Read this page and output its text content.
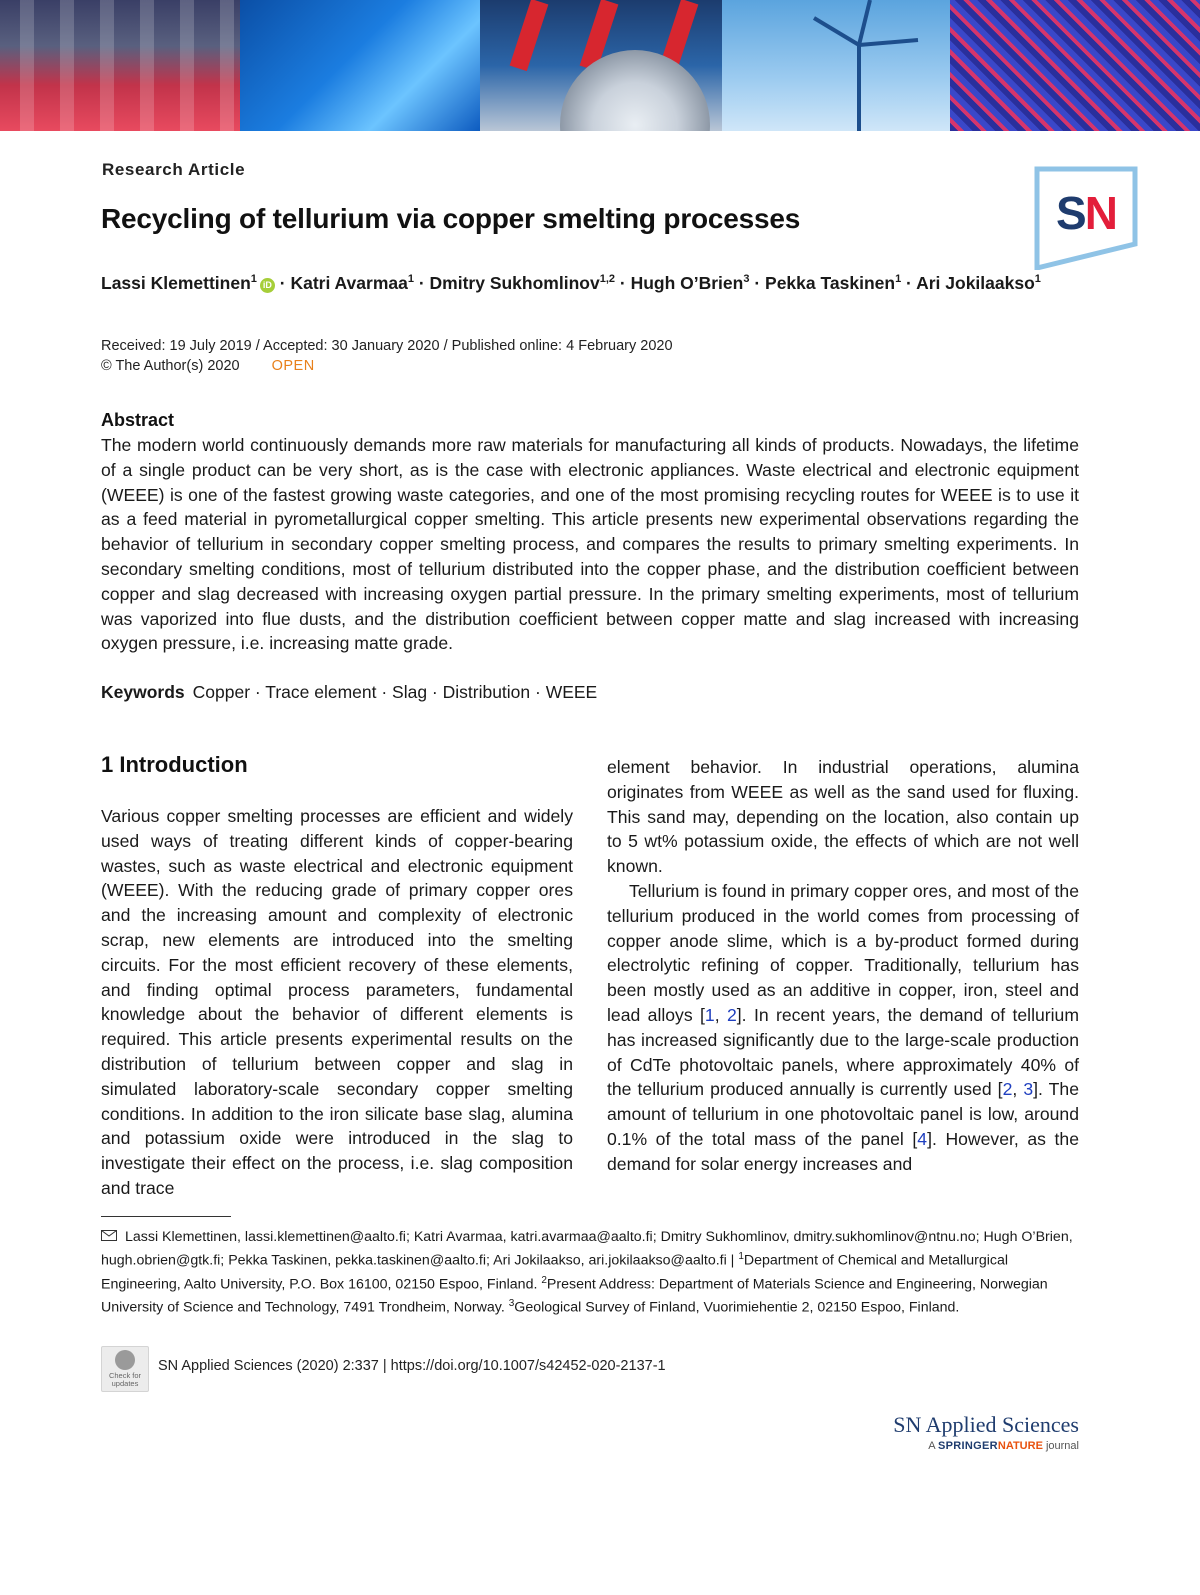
Research Article
SN
Recycling of tellurium via copper smelting processes
Lassi Klemettinen$^1$ iD · Katri Avarmaa$^1$ · Dmitry Sukhomlinov$^{1,2}$ · Hugh O’Brien$^3$ · Pekka Taskinen$^1$ · Ari Jokilaakso$^1$
Received: 19 July 2019 / Accepted: 30 January 2020 / Published online: 4 February 2020
© The Author(s) 2020 OPEN
Abstract
The modern world continuously demands more raw materials for manufacturing all kinds of products. Nowadays, the lifetime of a single product can be very short, as is the case with electronic appliances. Waste electrical and electronic equipment (WEEE) is one of the fastest growing waste categories, and one of the most promising recycling routes for WEEE is to use it as a feed material in pyrometallurgical copper smelting. This article presents new experimental observations regarding the behavior of tellurium in secondary copper smelting process, and compares the results to primary smelting experiments. In secondary smelting conditions, most of tellurium distributed into the copper phase, and the distribution coefficient between copper and slag decreased with increasing oxygen partial pressure. In the primary smelting experiments, most of tellurium was vaporized into flue dusts, and the distribution coefficient between copper matte and slag increased with increasing oxygen pressure, i.e. increasing matte grade.
Keywords Copper · Trace element · Slag · Distribution · WEEE
1 Introduction
Various copper smelting processes are efficient and widely used ways of treating different kinds of copper-bearing wastes, such as waste electrical and electronic equipment (WEEE). With the reducing grade of primary copper ores and the increasing amount and complexity of electronic scrap, new elements are introduced into the smelting circuits. For the most efficient recovery of these elements, and finding optimal process parameters, fundamental knowledge about the behavior of different elements is required. This article presents experimental results on the distribution of tellurium between copper and slag in simulated laboratory-scale secondary copper smelting conditions. In addition to the iron silicate base slag, alumina and potassium oxide were introduced in the slag to investigate their effect on the process, i.e. slag composition and trace

element behavior. In industrial operations, alumina originates from WEEE as well as the sand used for fluxing. This sand may, depending on the location, also contain up to 5 wt% potassium oxide, the effects of which are not well known.

Tellurium is found in primary copper ores, and most of the tellurium produced in the world comes from processing of copper anode slime, which is a by-product formed during electrolytic refining of copper. Traditionally, tellurium has been mostly used as an additive in copper, iron, steel and lead alloys [1, 2]. In recent years, the demand of tellurium has increased significantly due to the large-scale production of CdTe photovoltaic panels, where approximately 40% of the tellurium produced annually is currently used [2, 3]. The amount of tellurium in one photovoltaic panel is low, around 0.1% of the total mass of the panel [4]. However, as the demand for solar energy increases and

Lassi Klemettinen, lassi.klemettinen@aalto.fi; Katri Avarmaa, katri.avarmaa@aalto.fi; Dmitry Sukhomlinov, dmitry.sukhomlinov@ntnu.no; Hugh O’Brien, hugh.obrien@gtk.fi; Pekka Taskinen, pekka.taskinen@aalto.fi; Ari Jokilaakso, ari.jokilaakso@aalto.fi | $^1$Department of Chemical and Metallurgical Engineering, Aalto University, P.O. Box 16100, 02150 Espoo, Finland. $^2$Present Address: Department of Materials Science and Engineering, Norwegian University of Science and Technology, 7491 Trondheim, Norway. $^3$Geological Survey of Finland, Vuorimiehentie 2, 02150 Espoo, Finland.
Check for updates
SN Applied Sciences (2020) 2:337 | https://doi.org/10.1007/s42452-020-2137-1
SN Applied Sciences
A SPRINGERNATURE journal
